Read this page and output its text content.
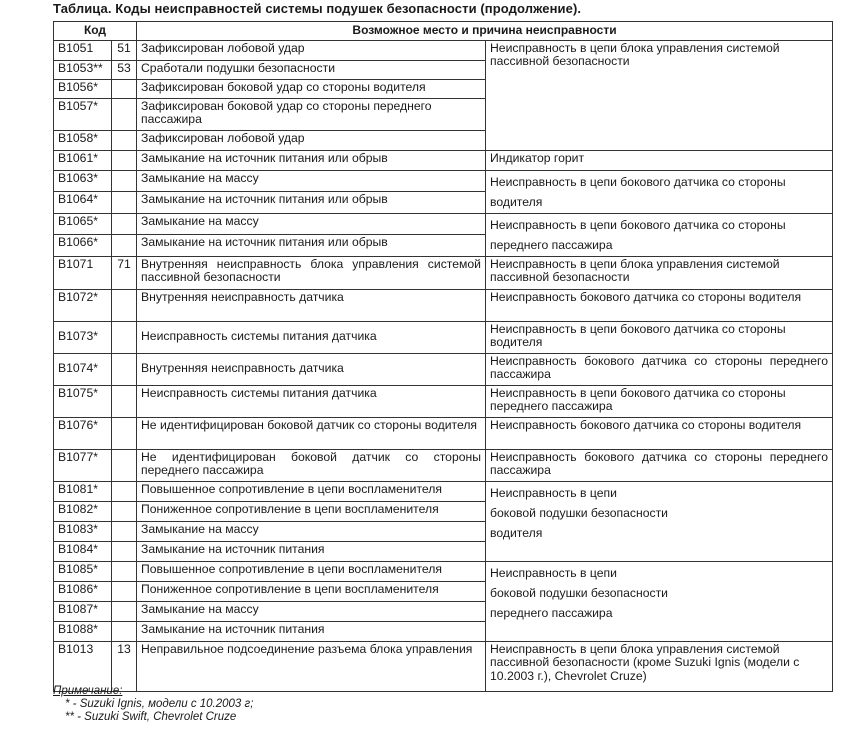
Таблица. Коды неисправностей системы подушек безопасности (продолжение).
Код		Возможное место и причина неисправности	
B1051	51	Зафиксирован лобовой удар	Неисправность в цепи блока управления системой пассивной безопасности
B1053**	53	Сработали подушки безопасности	
B1056*		Зафиксирован боковой удар со стороны водителя	
B1057*		Зафиксирован боковой удар со стороны переднего пассажира	
B1058*		Зафиксирован лобовой удар	
B1061*		Замыкание на источник питания или обрыв	Индикатор горит
B1063*		Замыкание на массу	Неисправность в цепи бокового датчика со стороны водителя
B1064*		Замыкание на источник питания или обрыв	
B1065*		Замыкание на массу	Неисправность в цепи бокового датчика со стороны переднего пассажира
B1066*		Замыкание на источник питания или обрыв	
B1071	71	Внутренняя неисправность блока управления системой пассивной безопасности	Неисправность в цепи блока управления системой пассивной безопасности
B1072*		Внутренняя неисправность датчика	Неисправность бокового датчика со стороны водителя
B1073*		Неисправность системы питания датчика	Неисправность в цепи бокового датчика со стороны водителя
B1074*		Внутренняя неисправность датчика	Неисправность бокового датчика со стороны переднего пассажира
B1075*		Неисправность системы питания датчика	Неисправность в цепи бокового датчика со стороны переднего пассажира
B1076*		Не идентифицирован боковой датчик со стороны водителя	Неисправность бокового датчика со стороны водителя
B1077*		Не идентифицирован боковой датчик со стороны переднего пассажира	Неисправность бокового датчика со стороны переднего пассажира
B1081*		Повышенное сопротивление в цепи воспламенителя	Неисправность в цепи
боковой подушки безопасности
водителя

B1082*		Пониженное сопротивление в цепи воспламенителя	
B1083*		Замыкание на массу	
B1084*		Замыкание на источник питания	
B1085*		Повышенное сопротивление в цепи воспламенителя	Неисправность в цепи
боковой подушки безопасности
переднего пассажира

B1086*		Пониженное сопротивление в цепи воспламенителя	
B1087*		Замыкание на массу	
B1088*		Замыкание на источник питания	
B1013	13	Неправильное подсоединение разъема блока управления	Неисправность в цепи блока управления системой пассивной безопасности (кроме Suzuki Ignis (модели с 10.2003 г.), Chevrolet Cruze)
Примечание:
* - Suzuki Ignis, модели с 10.2003 г;
** - Suzuki Swift, Chevrolet Cruze
